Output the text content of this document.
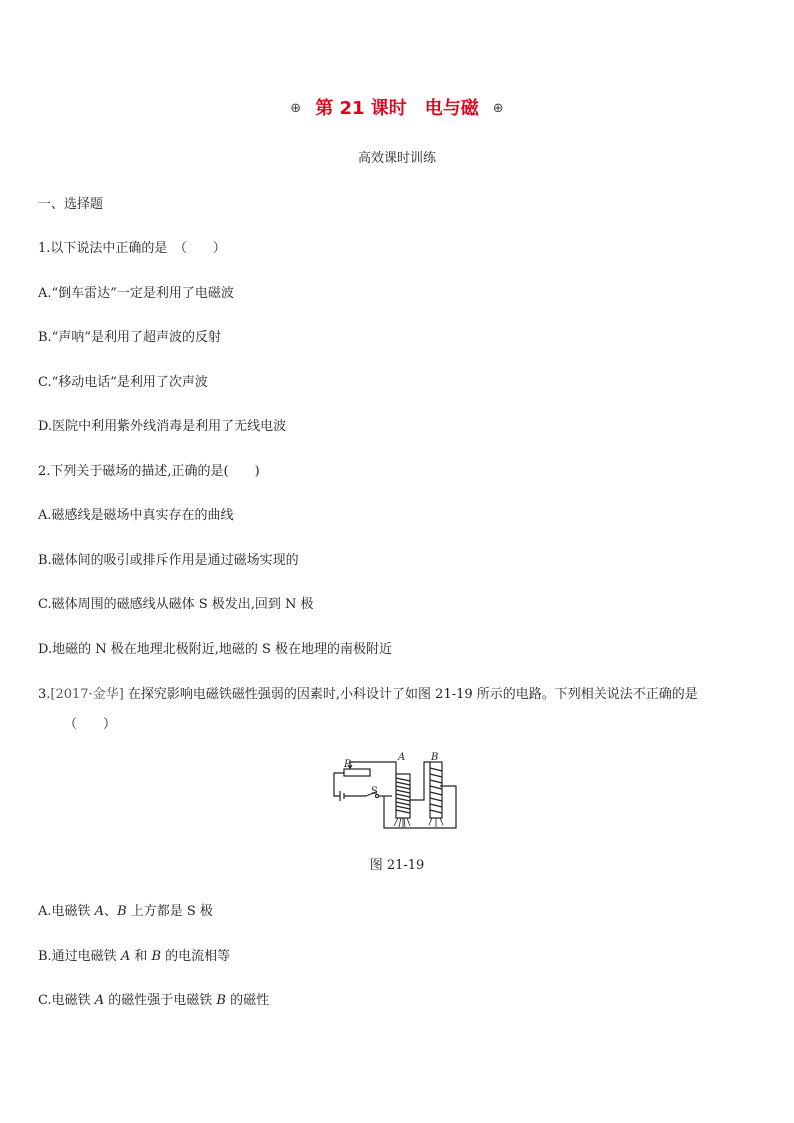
⊕ 第 21 课时 电与磁 ⊕
高效课时训练
一、选择题
1.以下说法中正确的是　（　　）
A.“倒车雷达”一定是利用了电磁波
B.“声呐”是利用了超声波的反射
C.“移动电话”是利用了次声波
D.医院中利用紫外线消毒是利用了无线电波
2.下列关于磁场的描述,正确的是(　　)
A.磁感线是磁场中真实存在的曲线
B.磁体间的吸引或排斥作用是通过磁场实现的
C.磁体周围的磁感线从磁体 S 极发出,回到 N 极
D.地磁的 N 极在地理北极附近,地磁的 S 极在地理的南极附近
3.[2017·金华] 在探究影响电磁铁磁性强弱的因素时,小科设计了如图 21-19 所示的电路。下列相关说法不正确的是
（　　）
P
S
A	B
图 21-19
A.电磁铁 A、B 上方都是 S 极
B.通过电磁铁 A 和 B 的电流相等
C.电磁铁 A 的磁性强于电磁铁 B 的磁性
